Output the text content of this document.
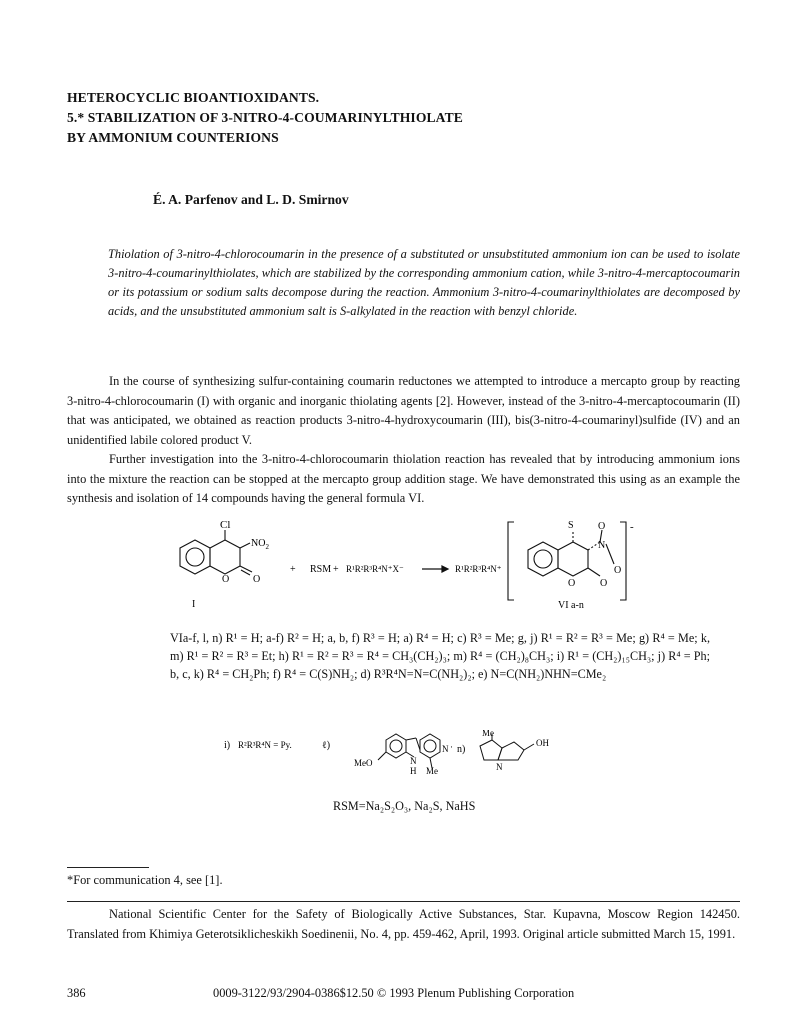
HETEROCYCLIC BIOANTIOXIDANTS.
5.* STABILIZATION OF 3-NITRO-4-COUMARINYLTHIOLATE
BY AMMONIUM COUNTERIONS
É. A. Parfenov and L. D. Smirnov
Thiolation of 3-nitro-4-chlorocoumarin in the presence of a substituted or unsubstituted ammonium ion can be used to isolate 3-nitro-4-coumarinylthiolates, which are stabilized by the corresponding ammonium cation, while 3-nitro-4-mercaptocoumarin or its potassium or sodium salts decompose during the reaction. Ammonium 3-nitro-4-coumarinylthiolates are decomposed by acids, and the unsubstituted ammonium salt is S-alkylated in the reaction with benzyl chloride.

In the course of synthesizing sulfur-containing coumarin reductones we attempted to introduce a mercapto group by reacting 3-nitro-4-chlorocoumarin (I) with organic and inorganic thiolating agents [2]. However, instead of the 3-nitro-4-mercaptocoumarin (II) that was anticipated, we obtained as reaction products 3-nitro-4-hydroxycoumarin (III), bis(3-nitro-4-coumarinyl)sulfide (IV) and an unidentified labile colored product V.

Further investigation into the 3-nitro-4-chlorocoumarin thiolation reaction has revealed that by introducing ammonium ions into the mixture the reaction can be stopped at the mercapto group addition stage. We have demonstrated this using as an example the synthesis and isolation of 14 compounds having the general formula VI.

Cl
$NO_2$
O O
I
+ RSM + R¹R²R³R⁴N⁺X⁻	R¹R²R³R⁴N⁺
S
N
O
O
O O
-
VI a-n
VIa-f, l, n) R¹ = H; a-f) R² = H; a, b, f) R³ = H; a) R⁴ = H; c) R³ = Me; g, j) R¹ = R² = R³ = Me; g) R⁴ = Me; k, m) R¹ = R² = R³ = Et; h) R¹ = R² = R³ = R⁴ = CH₃(CH₂)₃; m) R⁴ = (CH₂)₈CH₃; i) R¹ = (CH₂)₁₅CH₃; j) R⁴ = Ph; b, c, k) R⁴ = CH₂Ph; f) R⁴ = C(S)NH₂; d) R³R⁴N=N=C(NH₂)₂; e) N=C(NH₂)NHN=CMe₂
i) R²R³R⁴N = Py.	ℓ)
MeO	N
H Me
N · n)
Me
OH
N
RSM=Na₂S₂O₃, Na₂S, NaHS
*For communication 4, see [1].
National Scientific Center for the Safety of Biologically Active Substances, Star. Kupavna, Moscow Region 142450. Translated from Khimiya Geterotsiklicheskikh Soedinenii, No. 4, pp. 459-462, April, 1993. Original article submitted March 15, 1991.
386	0009-3122/93/2904-0386$12.50 © 1993 Plenum Publishing Corporation
